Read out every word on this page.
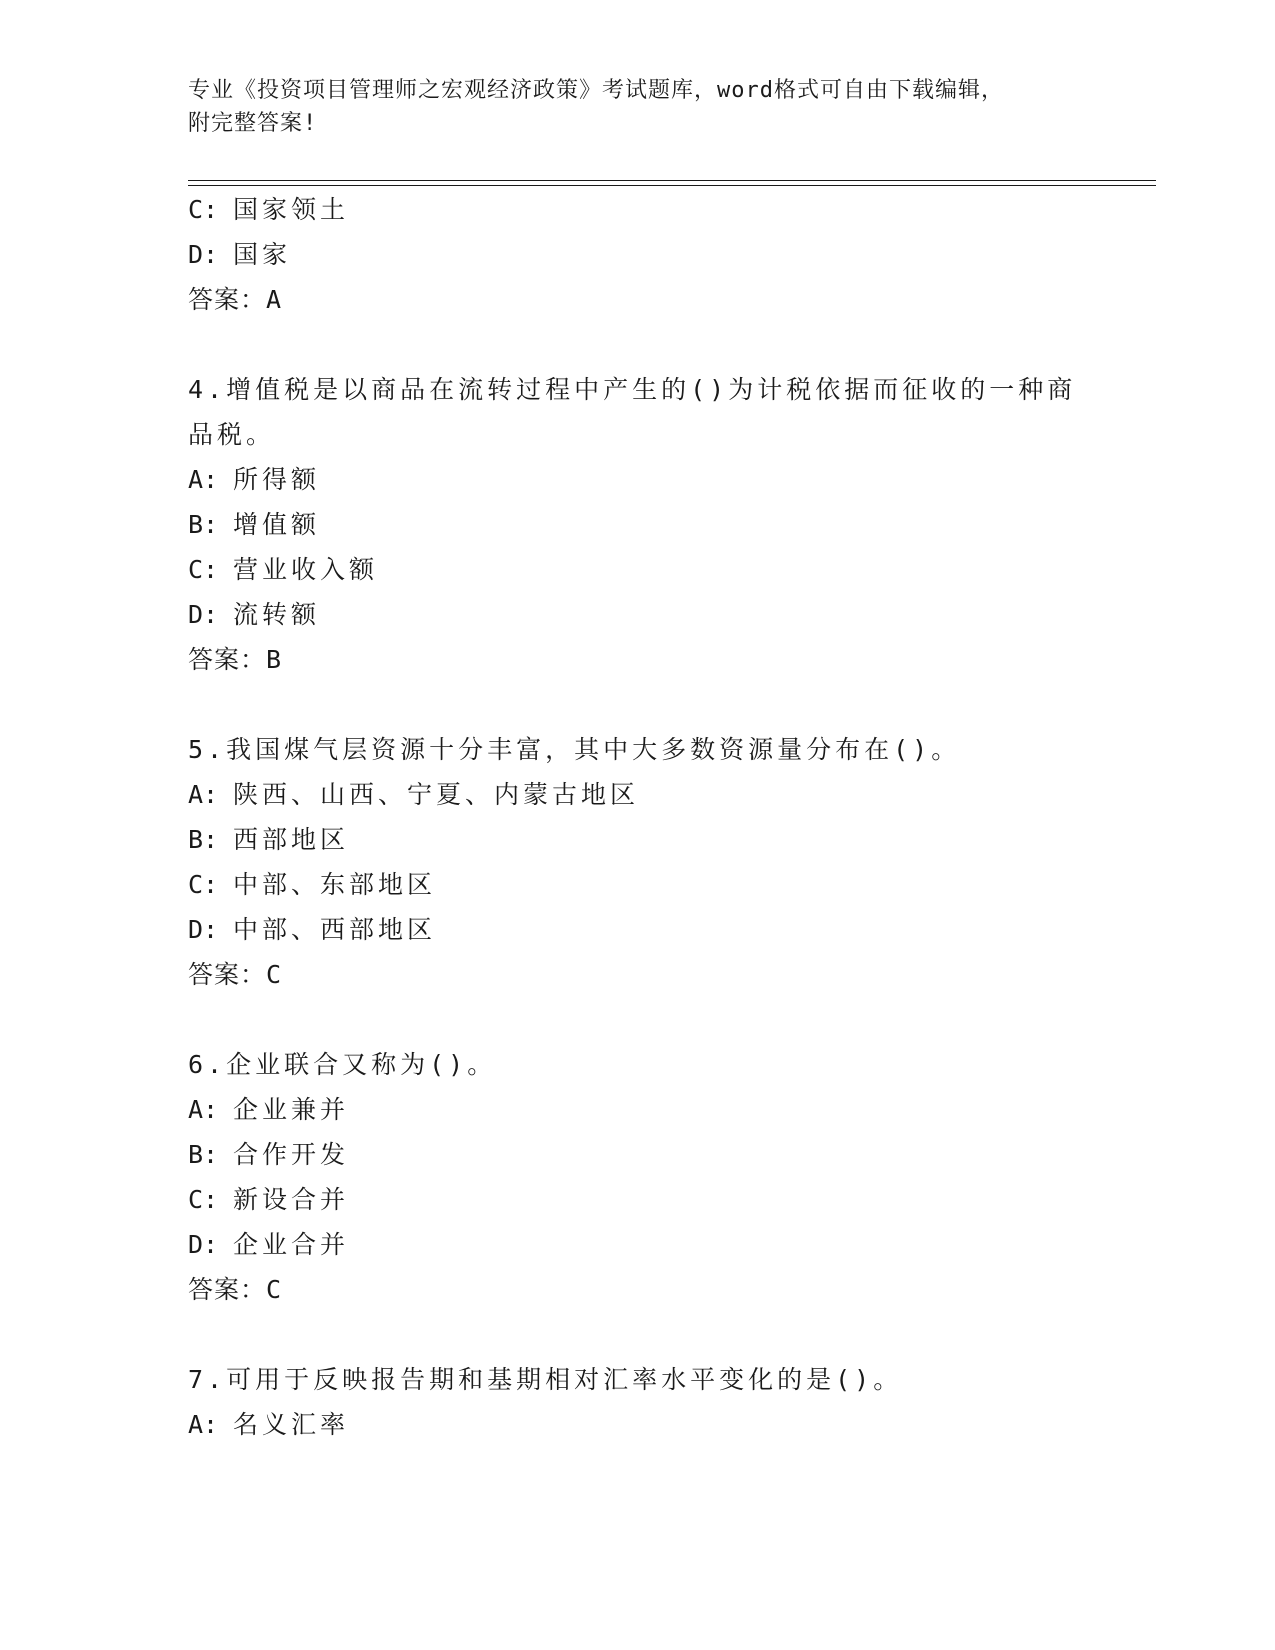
专业《投资项目管理师之宏观经济政策》考试题库，word格式可自由下载编辑，
附完整答案!
C: 国家领土
D: 国家
答案：A
4.增值税是以商品在流转过程中产生的()为计税依据而征收的一种商
品税。
A: 所得额
B: 增值额
C: 营业收入额
D: 流转额
答案：B
5.我国煤气层资源十分丰富，其中大多数资源量分布在()。
A: 陕西、山西、宁夏、内蒙古地区
B: 西部地区
C: 中部、东部地区
D: 中部、西部地区
答案：C
6.企业联合又称为()。
A: 企业兼并
B: 合作开发
C: 新设合并
D: 企业合并
答案：C
7.可用于反映报告期和基期相对汇率水平变化的是()。
A: 名义汇率
